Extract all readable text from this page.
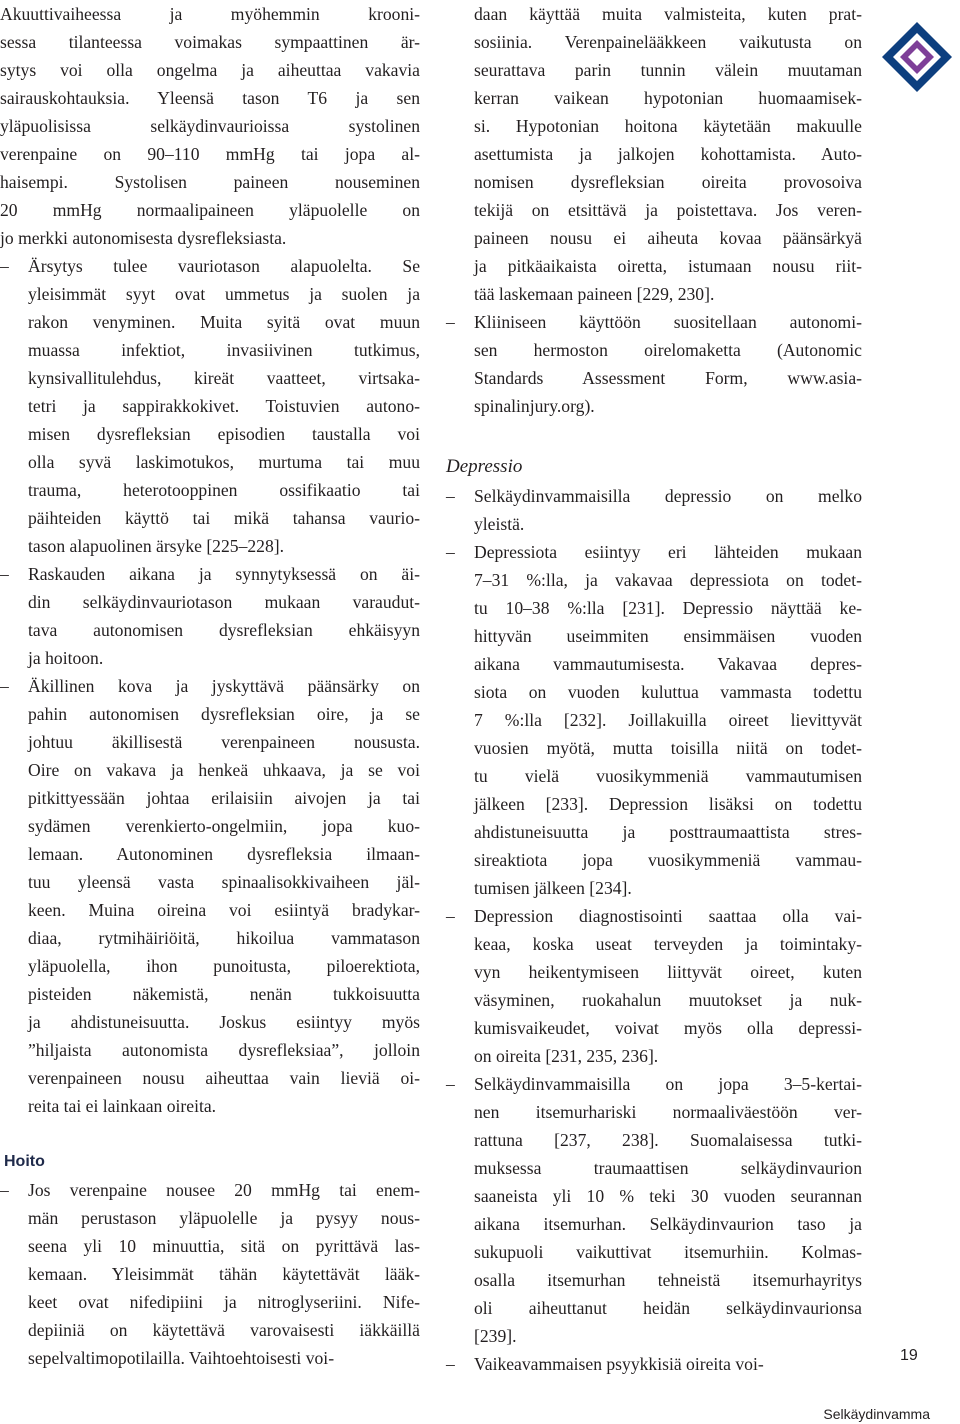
Akuuttivaiheessa ja myöhemmin krooni-
sessa tilanteessa voimakas sympaattinen är-
sytys voi olla ongelma ja aiheuttaa vakavia
sairauskohtauksia. Yleensä tason T6 ja sen
yläpuolisissa selkäydinvaurioissa systolinen
verenpaine on 90–110 mmHg tai jopa al-
haisempi. Systolisen paineen nouseminen
20 mmHg normaalipaineen yläpuolelle on
jo merkki autonomisesta dysrefleksiasta.
–	Ärsytys tulee vauriotason alapuolelta. Se
yleisimmät syyt ovat ummetus ja suolen ja
rakon venyminen. Muita syitä ovat muun
muassa infektiot, invasiivinen tutkimus,
kynsivallitulehdus, kireät vaatteet, virtsaka-
tetri ja sappirakkokivet. Toistuvien autono-
misen dysrefleksian episodien taustalla voi
olla syvä laskimotukos, murtuma tai muu
trauma, heterotooppinen ossifikaatio tai
päihteiden käyttö tai mikä tahansa vaurio-
tason alapuolinen ärsyke [225–228].
–	Raskauden aikana ja synnytyksessä on äi-
din selkäydinvauriotason mukaan varaudut-
tava autonomisen dysrefleksian ehkäisyyn
ja hoitoon.
–	Äkillinen kova ja jyskyttävä päänsärky on
pahin autonomisen dysrefleksian oire, ja se
johtuu äkillisestä verenpaineen noususta.
Oire on vakava ja henkeä uhkaava, ja se voi
pitkittyessään johtaa erilaisiin aivojen ja tai
sydämen verenkierto-ongelmiin, jopa kuo-
lemaan. Autonominen dysrefleksia ilmaan-
tuu yleensä vasta spinaalisokkivaiheen jäl-
keen. Muina oireina voi esiintyä bradykar-
diaa, rytmihäiriöitä, hikoilua vammatason
yläpuolella, ihon punoitusta, piloerektiota,
pisteiden näkemistä, nenän tukkoisuutta
ja ahdistuneisuutta. Joskus esiintyy myös
”hiljaista autonomista dysrefleksiaa”, jolloin
verenpaineen nousu aiheuttaa vain lieviä oi-
reita tai ei lainkaan oireita.
Hoito
–	Jos verenpaine nousee 20 mmHg tai enem-
män perustason yläpuolelle ja pysyy nous-
seena yli 10 minuuttia, sitä on pyrittävä las-
kemaan. Yleisimmät tähän käytettävät lääk-
keet ovat nifedipiini ja nitroglyseriini. Nife-
depiiniä on käytettävä varovaisesti iäkkäillä
sepelvaltimopotilailla. Vaihtoehtoisesti voi-
daan käyttää muita valmisteita, kuten prat-
sosiinia. Verenpainelääkkeen vaikutusta on
seurattava parin tunnin välein muutaman
kerran vaikean hypotonian huomaamisek-
si. Hypotonian hoitona käytetään makuulle
asettumista ja jalkojen kohottamista. Auto-
nomisen dysrefleksian oireita provosoiva
tekijä on etsittävä ja poistettava. Jos veren-
paineen nousu ei aiheuta kovaa päänsärkyä
ja pitkäaikaista oiretta, istumaan nousu riit-
tää laskemaan paineen [229, 230].
–	Kliiniseen käyttöön suositellaan autonomi-
sen hermoston oirelomaketta (Autonomic
Standards Assessment Form, www.asia-
spinalinjury.org).
Depressio
–	Selkäydinvammaisilla depressio on melko
yleistä.
–	Depressiota esiintyy eri lähteiden mukaan
7–31 %:lla, ja vakavaa depressiota on todet-
tu 10–38 %:lla [231]. Depressio näyttää ke-
hittyvän useimmiten ensimmäisen vuoden
aikana vammautumisesta. Vakavaa depres-
siota on vuoden kuluttua vammasta todettu
7 %:lla [232]. Joillakuilla oireet lievittyvät
vuosien myötä, mutta toisilla niitä on todet-
tu vielä vuosikymmeniä vammautumisen
jälkeen [233]. Depression lisäksi on todettu
ahdistuneisuutta ja posttraumaattista stres-
sireaktiota jopa vuosikymmeniä vammau-
tumisen jälkeen [234].
–	Depression diagnostisointi saattaa olla vai-
keaa, koska useat terveyden ja toimintaky-
vyn heikentymiseen liittyvät oireet, kuten
väsyminen, ruokahalun muutokset ja nuk-
kumisvaikeudet, voivat myös olla depressi-
on oireita [231, 235, 236].
–	Selkäydinvammaisilla on jopa 3–5-kertai-
nen itsemurhariski normaaliväestöön ver-
rattuna [237, 238]. Suomalaisessa tutki-
muksessa traumaattisen selkäydinvaurion
saaneista yli 10 % teki 30 vuoden seurannan
aikana itsemurhan. Selkäydinvaurion taso ja
sukupuoli vaikuttivat itsemurhiin. Kolmas-
osalla itsemurhan tehneistä itsemurhayritys
oli aiheuttanut heidän selkäydinvaurionsa
[239].
–	Vaikeavammaisen psyykkisiä oireita voi-	19
Selkäydinvamma
